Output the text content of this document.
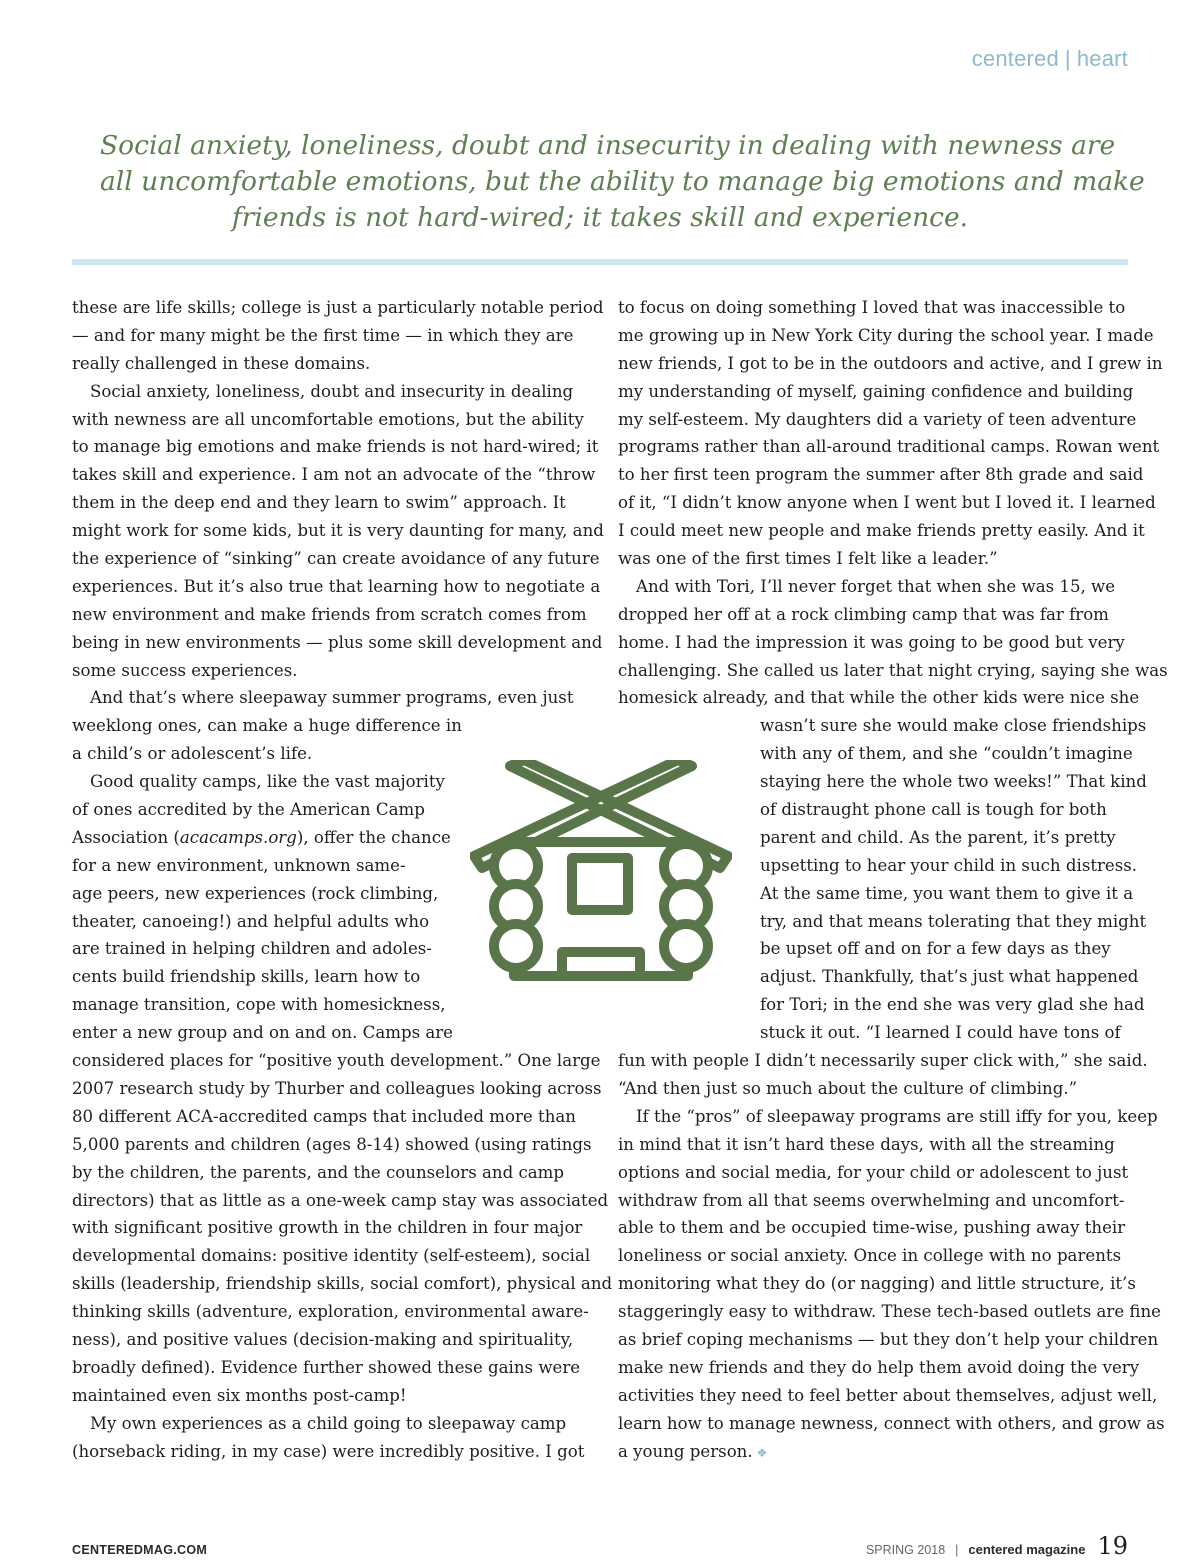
centered | heart
Social anxiety, loneliness, doubt and insecurity in dealing with newness are
all uncomfortable emotions, but the ability to manage big emotions and make
friends is not hard-wired; it takes skill and experience.
these are life skills; college is just a particularly notable period
— and for many might be the first time — in which they are
really challenged in these domains.
Social anxiety, loneliness, doubt and insecurity in dealing
with newness are all uncomfortable emotions, but the ability
to manage big emotions and make friends is not hard-wired; it
takes skill and experience. I am not an advocate of the “throw
them in the deep end and they learn to swim” approach. It
might work for some kids, but it is very daunting for many, and
the experience of “sinking” can create avoidance of any future
experiences. But it’s also true that learning how to negotiate a
new environment and make friends from scratch comes from
being in new environments — plus some skill development and
some success experiences.
And that’s where sleepaway summer programs, even just
weeklong ones, can make a huge difference in
a child’s or adolescent’s life.
Good quality camps, like the vast majority
of ones accredited by the American Camp
Association (acacamps.org), offer the chance
for a new environment, unknown same-
age peers, new experiences (rock climbing,
theater, canoeing!) and helpful adults who
are trained in helping children and adoles-
cents build friendship skills, learn how to
manage transition, cope with homesickness,
enter a new group and on and on. Camps are
considered places for “positive youth development.” One large
2007 research study by Thurber and colleagues looking across
80 different ACA-accredited camps that included more than
5,000 parents and children (ages 8-14) showed (using ratings
by the children, the parents, and the counselors and camp
directors) that as little as a one-week camp stay was associated
with significant positive growth in the children in four major
developmental domains: positive identity (self-esteem), social
skills (leadership, friendship skills, social comfort), physical and
thinking skills (adventure, exploration, environmental aware-
ness), and positive values (decision-making and spirituality,
broadly defined). Evidence further showed these gains were
maintained even six months post-camp!
My own experiences as a child going to sleepaway camp
(horseback riding, in my case) were incredibly positive. I got
to focus on doing something I loved that was inaccessible to
me growing up in New York City during the school year. I made
new friends, I got to be in the outdoors and active, and I grew in
my understanding of myself, gaining confidence and building
my self-esteem. My daughters did a variety of teen adventure
programs rather than all-around traditional camps. Rowan went
to her first teen program the summer after 8th grade and said
of it, “I didn’t know anyone when I went but I loved it. I learned
I could meet new people and make friends pretty easily. And it
was one of the first times I felt like a leader.”
And with Tori, I’ll never forget that when she was 15, we
dropped her off at a rock climbing camp that was far from
home. I had the impression it was going to be good but very
challenging. She called us later that night crying, saying she was
homesick already, and that while the other kids were nice she
wasn’t sure she would make close friendships
with any of them, and she “couldn’t imagine
staying here the whole two weeks!” That kind
of distraught phone call is tough for both
parent and child. As the parent, it’s pretty
upsetting to hear your child in such distress.
At the same time, you want them to give it a
try, and that means tolerating that they might
be upset off and on for a few days as they
adjust. Thankfully, that’s just what happened
for Tori; in the end she was very glad she had
stuck it out. “I learned I could have tons of
fun with people I didn’t necessarily super click with,” she said.
“And then just so much about the culture of climbing.”
If the “pros” of sleepaway programs are still iffy for you, keep
in mind that it isn’t hard these days, with all the streaming
options and social media, for your child or adolescent to just
withdraw from all that seems overwhelming and uncomfort-
able to them and be occupied time-wise, pushing away their
loneliness or social anxiety. Once in college with no parents
monitoring what they do (or nagging) and little structure, it’s
staggeringly easy to withdraw. These tech-based outlets are fine
as brief coping mechanisms — but they don’t help your children
make new friends and they do help them avoid doing the very
activities they need to feel better about themselves, adjust well,
learn how to manage newness, connect with others, and grow as
a young person. ❖
CENTEREDMAG.COM	SPRING 2018 | centered magazine 19
